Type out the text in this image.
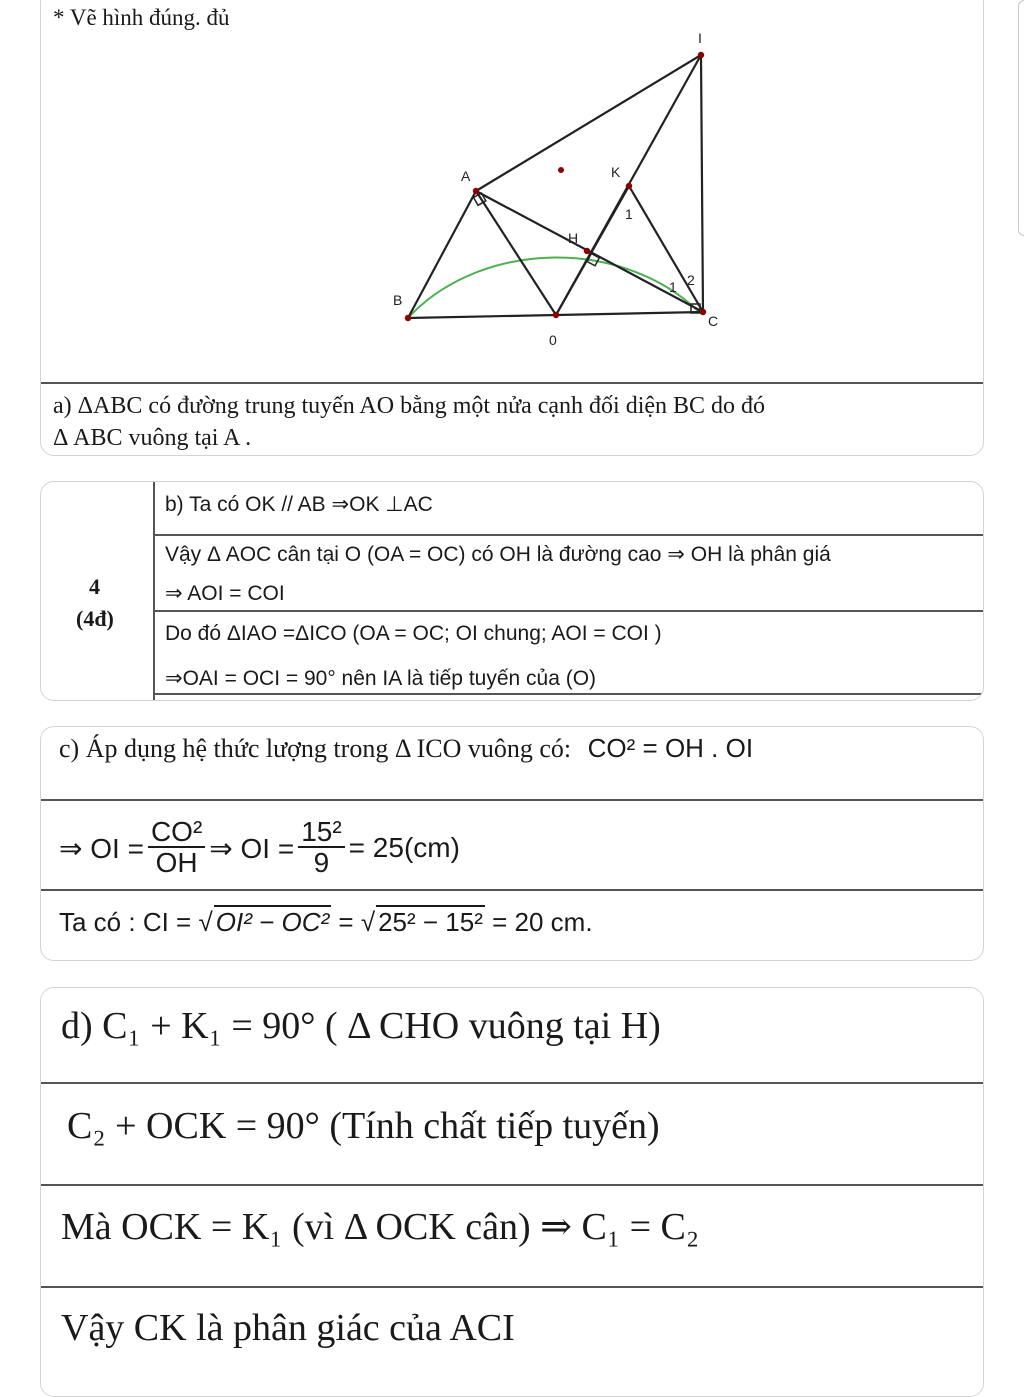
* Vẽ hình đúng. đủ
I
A	K
H
B
0
C
1
1 2
a) ΔABC có đường trung tuyến AO bằng một nửa cạnh đối diện BC do đó
Δ ABC vuông tại A .
4
(4đ)
b) Ta có OK // AB ⇒OK ⊥AC
Vậy Δ AOC cân tại O (OA = OC) có OH là đường cao ⇒ OH là phân giá
⇒ AOI = COI
Do đó ΔIAO =ΔICO (OA = OC; OI chung; AOI = COI )
⇒OAI = OCI = 90° nên IA là tiếp tuyến của (O)
c) Áp dụng hệ thức lượng trong Δ ICO vuông có: CO² = OH . OI
⇒ OI = $\frac{\text{CO²}}{OH}$ ⇒ OI = $\frac{\text{15²}}{9} = 25(cm)$
Ta có : CI = √ OI² − OC² = √ 25² − 15² = 20 cm.
d) C₁ + K₁ = 90° ( Δ CHO vuông tại H)
C₂ + OCK = 90° (Tính chất tiếp tuyến)
Mà OCK = K₁ (vì Δ OCK cân) ⇒ C₁ = C₂
Vậy CK là phân giác của ACI
